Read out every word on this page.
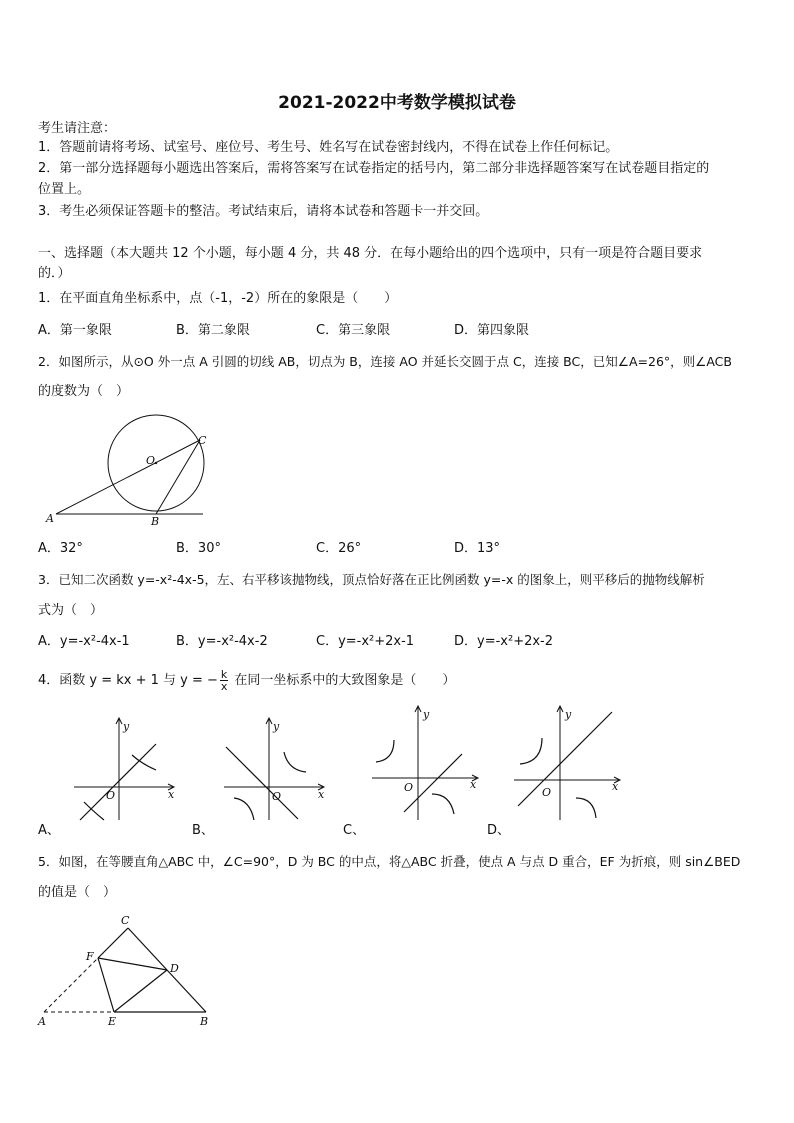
2021-2022中考数学模拟试卷
考生请注意：
1．答题前请将考场、试室号、座位号、考生号、姓名写在试卷密封线内，不得在试卷上作任何标记。
2．第一部分选择题每小题选出答案后，需将答案写在试卷指定的括号内，第二部分非选择题答案写在试卷题目指定的
位置上。
3．考生必须保证答题卡的整洁。考试结束后，请将本试卷和答题卡一并交回。
一、选择题（本大题共 12 个小题，每小题 4 分，共 48 分．在每小题给出的四个选项中，只有一项是符合题目要求
的．）
1．在平面直角坐标系中，点（-1，-2）所在的象限是（　　）
A．第一象限	B．第二象限	C．第三象限	D．第四象限
2．如图所示，从⊙O 外一点 A 引圆的切线 AB，切点为 B，连接 AO 并延长交圆于点 C，连接 BC，已知∠A=26°，则∠ACB
的度数为（　）
A	B
C
O
A．32°	B．30°	C．26°	D．13°
3．已知二次函数 y=-x²-4x-5，左、右平移该抛物线，顶点恰好落在正比例函数 y=-x 的图象上，则平移后的抛物线解析
式为（　）
A．y=-x²-4x-1	B．y=-x²-4x-2	C．y=-x²+2x-1	D．y=-x²+2x-2
4．函数 y = kx + 1 与 y = − $\frac{k}{x}$ 在同一坐标系中的大致图象是（　　）
x
y
O	x
y
O
x
y
O	x
y
O
A、	B、	C、	D、
5．如图，在等腰直角△ABC 中，∠C=90°，D 为 BC 的中点，将△ABC 折叠，使点 A 与点 D 重合，EF 为折痕，则 sin∠BED
的值是（　）
C
F
D
A	E	B
